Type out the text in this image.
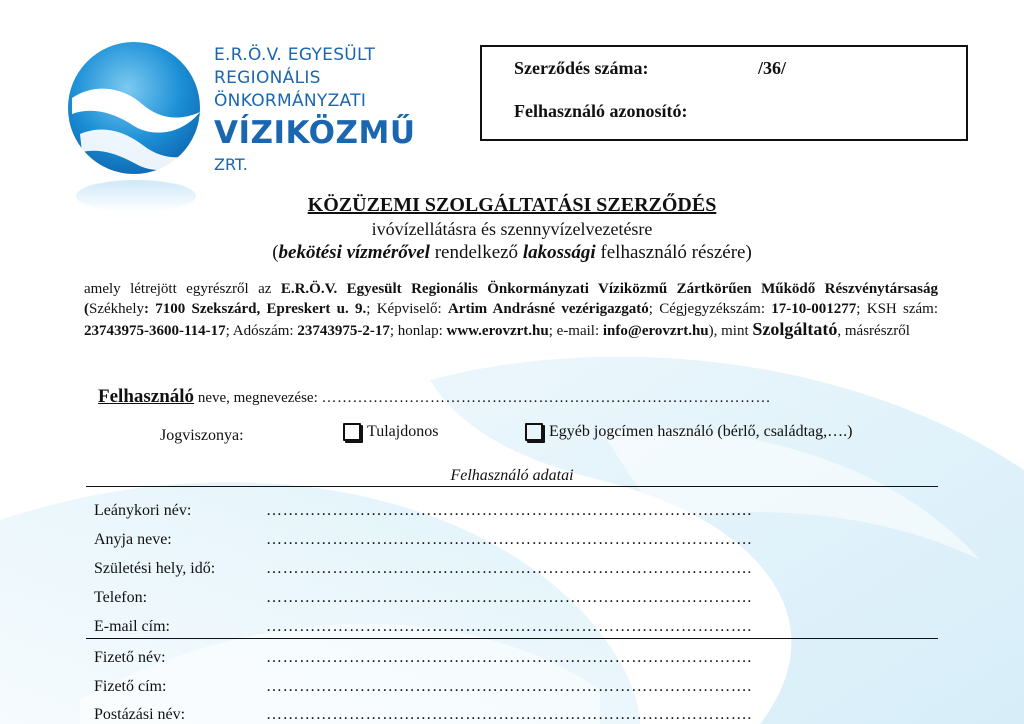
E.R.Ö.V. EGYESÜLT
REGIONÁLIS
ÖNKORMÁNYZATI
VÍZIKÖZMŰ
ZRT.
Szerződés száma:	/36/
Felhasználó azonosító:
KÖZÜZEMI SZOLGÁLTATÁSI SZERZŐDÉS
ivóvízellátásra és szennyvízelvezetésre
(bekötési vízmérővel rendelkező lakossági felhasználó részére)
amely létrejött egyrészről az E.R.Ö.V. Egyesült Regionális Önkormányzati Víziközmű Zártkörűen Működő Részvénytársaság (Székhely: 7100 Szekszárd, Epreskert u. 9.; Képviselő: Artim Andrásné vezérigazgató; Cégjegyzékszám: 17-10-001277; KSH szám: 23743975-3600-114-17; Adószám: 23743975-2-17; honlap: www.erovzrt.hu; e-mail: info@erovzrt.hu), mint Szolgáltató, másrészről
Felhasználó neve, megnevezése: ……………………………………………………………………………
Jogviszonya:	Tulajdonos	Egyéb jogcímen használó (bérlő, családtag,….)
Felhasználó adatai
Leánykori név:	…………………………………………………………………………….
Anyja neve:	…………………………………………………………………………….
Születési hely, idő:	…………………………………………………………………………….
Telefon:	…………………………………………………………………………….
E-mail cím:	…………………………………………………………………………….
Fizető név:	…………………………………………………………………………….
Fizető cím:	…………………………………………………………………………….
Postázási név:	…………………………………………………………………………….
